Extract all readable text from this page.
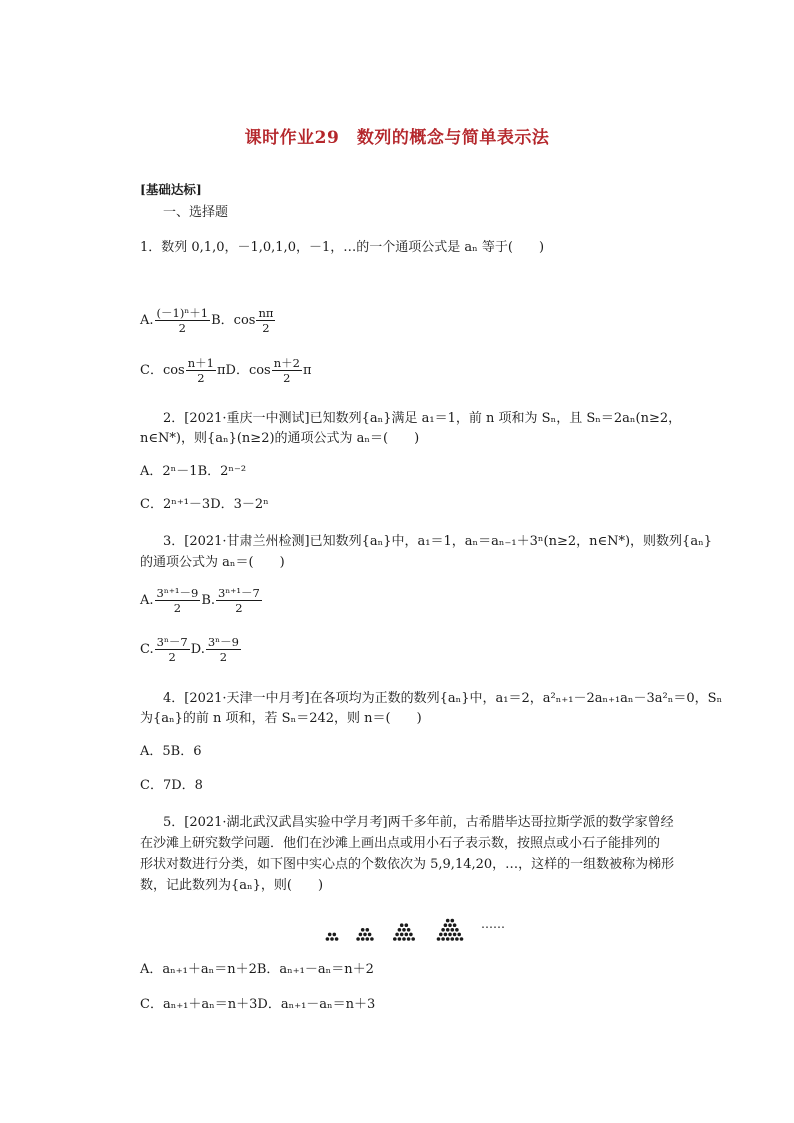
课时作业29　数列的概念与简单表示法
[基础达标]
一、选择题
1．数列 0,1,0，－1,0,1,0，－1，…的一个通项公式是 aₙ 等于(　　)
A. $\frac{\text{(－1)ⁿ＋1}}{2}$ B．$\cos \frac{n\pi}{2}$
C．$\cos \frac{n+1}{2}$ πD．$\cos \frac{n+2}{2}$ π
2．[2021·重庆一中测试]已知数列{aₙ}满足 a₁＝1，前 n 项和为 Sₙ，且 Sₙ＝2aₙ(n≥2，
n∈N*)，则{aₙ}(n≥2)的通项公式为 aₙ＝(　　)
A．2ⁿ－1B．2ⁿ⁻²
C．2ⁿ⁺¹－3D．3－2ⁿ
3．[2021·甘肃兰州检测]已知数列{aₙ}中，a₁＝1，aₙ＝aₙ₋₁＋3ⁿ(n≥2，n∈N*)，则数列{aₙ}
的通项公式为 aₙ＝(　　)
A. $\frac{\text{3ⁿ⁺¹－9}}{2} B$. $\frac{\text{3ⁿ⁺¹－7}}{2}$
C. $\frac{\text{3ⁿ－7}}{2} D$. $\frac{\text{3ⁿ－9}}{2}$
4．[2021·天津一中月考]在各项均为正数的数列{aₙ}中，a₁＝2，a²ₙ₊₁－2aₙ₊₁aₙ－3a²ₙ＝0，Sₙ
为{aₙ}的前 n 项和，若 Sₙ＝242，则 n＝(　　)
A．5B．6
C．7D．8
5．[2021·湖北武汉武昌实验中学月考]两千多年前，古希腊毕达哥拉斯学派的数学家曾经
在沙滩上研究数学问题．他们在沙滩上画出点或用小石子表示数，按照点或小石子能排列的
形状对数进行分类，如下图中实心点的个数依次为 5,9,14,20，…，这样的一组数被称为梯形
数，记此数列为{aₙ}，则(　　)
……
A．aₙ₊₁＋aₙ＝n＋2B．aₙ₊₁－aₙ＝n＋2
C．aₙ₊₁＋aₙ＝n＋3D．aₙ₊₁－aₙ＝n＋3
